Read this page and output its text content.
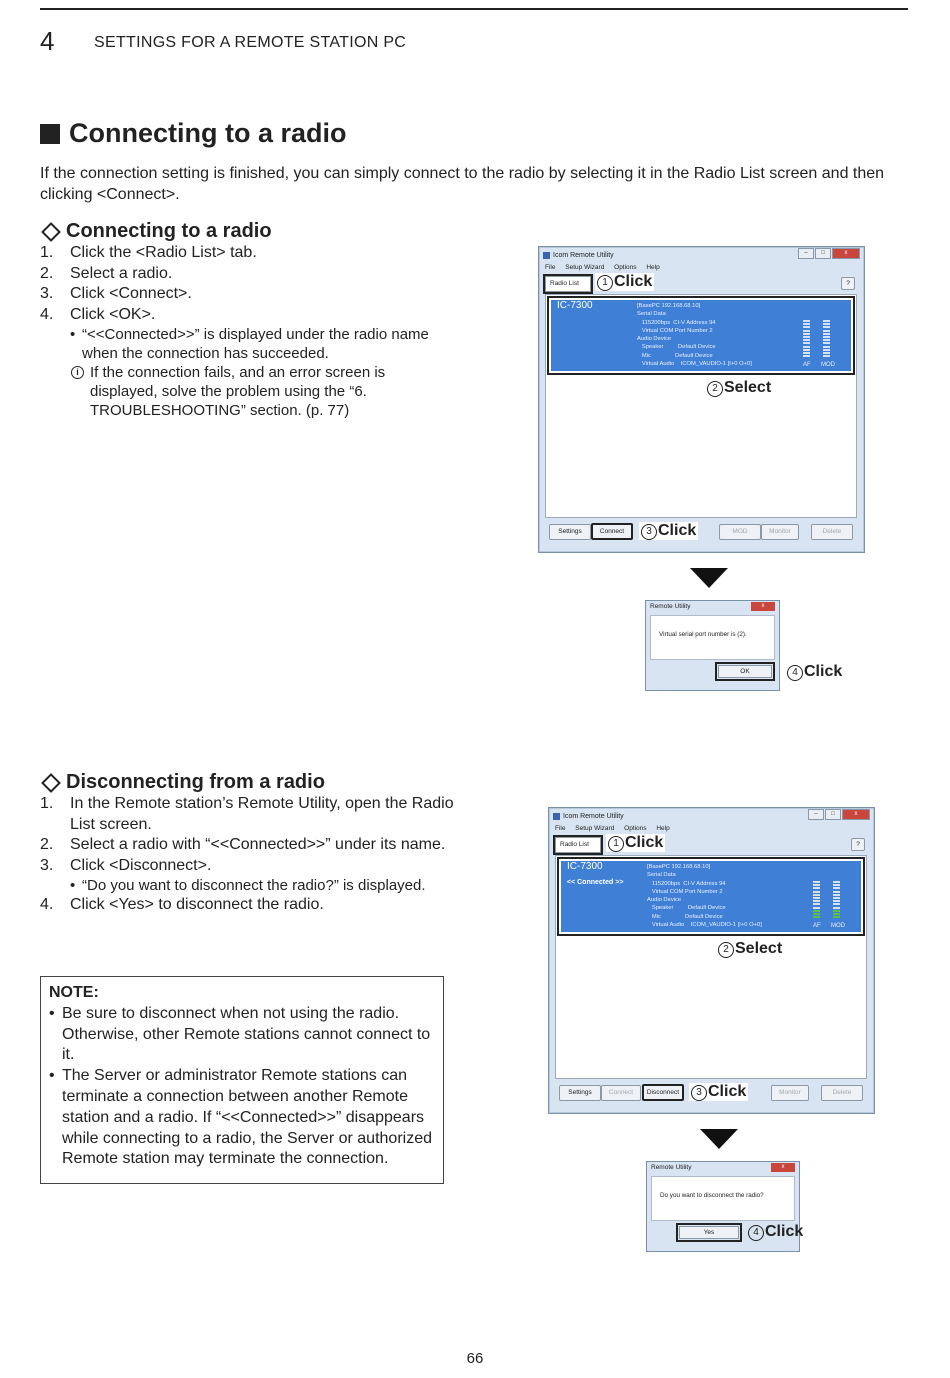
4 SETTINGS FOR A REMOTE STATION PC
Connecting to a radio
If the connection setting is finished, you can simply connect to the radio by selecting it in the Radio List screen and then clicking <Connect>.
Connecting to a radio
1. Click the <Radio List> tab.
2. Select a radio.
3. Click <Connect>.
4. Click <OK>.
• “<<Connected>>” is displayed under the radio name when the connection has succeeded.
i If the connection fails, and an error screen is displayed, solve the problem using the “6. TROUBLESHOOTING” section. (p. 77)
Disconnecting from a radio
1. In the Remote station’s Remote Utility, open the Radio List screen.
2. Select a radio with “<<Connected>>” under its name.
3. Click <Disconnect>.
• “Do you want to disconnect the radio?” is displayed.
4. Click <Yes> to disconnect the radio.
NOTE:
• Be sure to disconnect when not using the radio. Otherwise, other Remote stations cannot connect to it.
• The Server or administrator Remote stations can terminate a connection between another Remote station and a radio. If “<<Connected>>” disappears while connecting to a radio, the Server or authorized Remote station may terminate the connection.
Icom Remote Utility	–	□	x
File Setup Wizard Options Help
Radio List	?
IC-7300	[BasePC 192.168.68.10]
Serial Data
115200bps  CI-V Address 94
Virtual COM Port Number 2
Audio Device
Speaker         Default Device
Mic               Default Device
Virtual Audio    ICOM_VAUDIO-1 [I+0 O+0]	AF MOD
Settings	Connect	MOD	Monitor	Delete
1 Click
2 Select
3 Click
Remote Utility	x
Virtual serial port number is (2).
OK	4 Click
Icom Remote Utility	–	□	x
File Setup Wizard Options Help
Radio List	?
IC-7300
<< Connected >>
[BasePC 192.168.68.10]
Serial Data
115200bps  CI-V Address 94
Virtual COM Port Number 2
Audio Device
Speaker         Default Device
Mic               Default Device
Virtual Audio    ICOM_VAUDIO-1 [I+0 O+0]	AF MOD
Settings	Connect	Disconnect	Monitor	Delete
1 Click
2 Select
3 Click
Remote Utility	x
Do you want to disconnect the radio?
Yes	4 Click
66
